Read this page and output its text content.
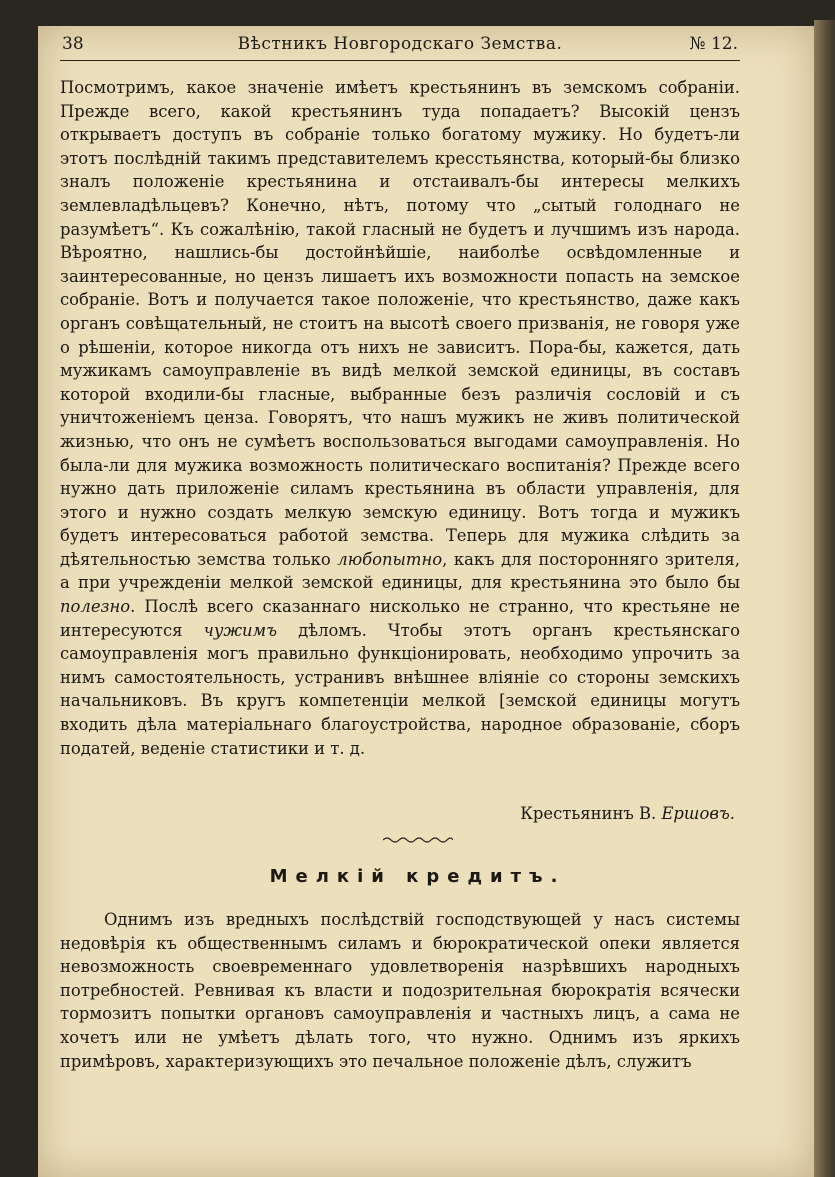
38	Вѣстникъ Новгородскаго Земства.	№ 12.

Посмотримъ, какое значеніе имѣетъ крестьянинъ въ земскомъ собраніи. Прежде всего, какой крестьянинъ туда попадаетъ? Высокій цензъ открываетъ доступъ въ собраніе только богатому мужику. Но будетъ-ли этотъ послѣдній такимъ представителемъ кресстьянства, который-бы близко зналъ положеніе крестьянина и отстаивалъ-бы интересы мелкихъ землевладѣльцевъ? Конечно, нѣтъ, потому что „сытый голоднаго не разумѣетъ“. Къ сожалѣнію, такой гласный не будетъ и лучшимъ изъ народа. Вѣроятно, нашлись-бы достойнѣйшіе, наиболѣе освѣдомленные и заинтересованные, но цензъ лишаетъ ихъ возможности попасть на земское собраніе. Вотъ и получается такое положеніе, что крестьянство, даже какъ органъ совѣщательный, не стоитъ на высотѣ своего призванія, не говоря уже о рѣшеніи, которое никогда отъ нихъ не зависитъ. Пора-бы, кажется, дать мужикамъ самоуправленіе въ видѣ мелкой земской единицы, въ составъ которой входили-бы гласные, выбранные безъ различія сословій и съ уничтоженіемъ ценза. Говорятъ, что нашъ мужикъ не живъ политической жизнью, что онъ не сумѣетъ воспользоваться выгодами самоуправленія. Но была-ли для мужика возможность политическаго воспитанія? Прежде всего нужно дать приложеніе силамъ крестьянина въ области управленія, для этого и нужно создать мелкую земскую единицу. Вотъ тогда и мужикъ будетъ интересоваться работой земства. Теперь для мужика слѣдить за дѣятельностью земства только любопытно, какъ для посторонняго зрителя, а при учрежденіи мелкой земской единицы, для крестьянина это было бы полезно. Послѣ всего сказаннаго нисколько не странно, что крестьяне не интересуются чужимъ дѣломъ. Чтобы этотъ органъ крестьянскаго самоуправленія могъ правильно функціонировать, необходимо упрочить за нимъ самостоятельность, устранивъ внѣшнее вліяніе со стороны земскихъ начальниковъ. Въ кругъ компетенціи мелкой [земской единицы могутъ входить дѣла матеріальнаго благоустройства, народное образованіе, сборъ податей, веденіе статистики и т. д.

Крестьянинъ В. Ершовъ.
Мелкій кредитъ.
Однимъ изъ вредныхъ послѣдствій господствующей у насъ системы недовѣрія къ общественнымъ силамъ и бюрократической опеки является невозможность своевременнаго удовлетворенія назрѣвшихъ народныхъ потребностей. Ревнивая къ власти и подозрительная бюрократія всячески тормозитъ попытки органовъ самоуправленія и частныхъ лицъ, а сама не хочетъ или не умѣетъ дѣлать того, что нужно. Однимъ изъ яркихъ примѣровъ, характеризующихъ это печальное положеніе дѣлъ, служитъ
